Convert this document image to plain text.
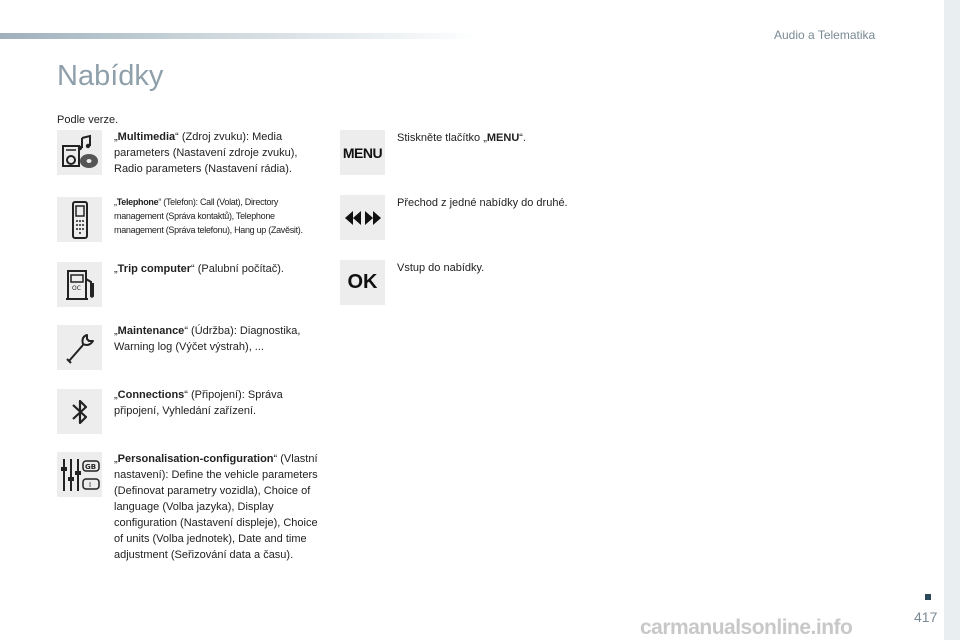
Audio a Telematika
Nabídky
Podle verze.
„Multimedia“ (Zdroj zvuku): Media parameters (Nastavení zdroje zvuku), Radio parameters (Nastavení rádia).
„Telephone“ (Telefon): Call (Volat), Directory management (Správa kontaktů), Telephone management (Správa telefonu), Hang up (Zavěsit).
OC
„Trip computer“ (Palubní počítač).
„Maintenance“ (Údržba): Diagnostika, Warning log (Výčet výstrah), ...
„Connections“ (Připojení): Správa připojení, Vyhledání zařízení.
GB
I
„Personalisation-configuration“ (Vlastní nastavení): Define the vehicle parameters (Definovat parametry vozidla), Choice of language (Volba jazyka), Display configuration (Nastavení displeje), Choice of units (Volba jednotek), Date and time adjustment (Seřizování data a času).
MENU
Stiskněte tlačítko „MENU“.
Přechod z jedné nabídky do druhé.
OK
Vstup do nabídky.
carmanualsonline.info	417
